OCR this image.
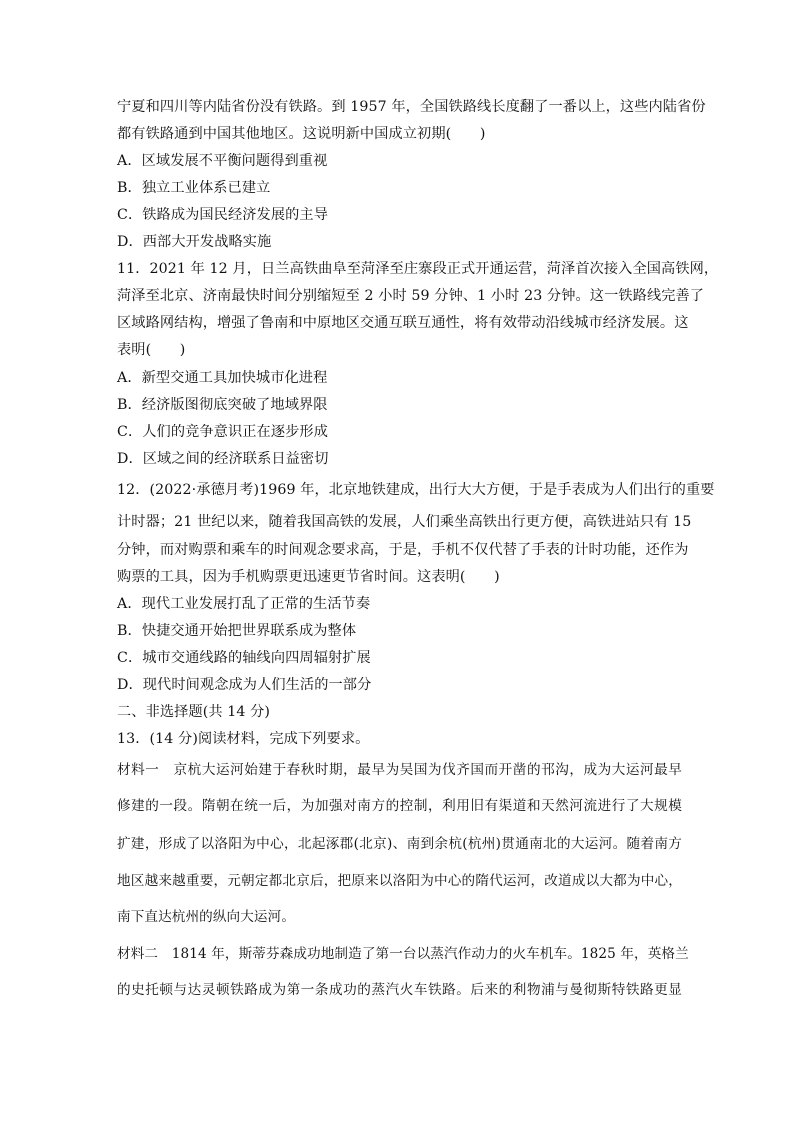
宁夏和四川等内陆省份没有铁路。到 1957 年，全国铁路线长度翻了一番以上，这些内陆省份
都有铁路通到中国其他地区。这说明新中国成立初期(　　)
A．区域发展不平衡问题得到重视
B．独立工业体系已建立
C．铁路成为国民经济发展的主导
D．西部大开发战略实施
11．2021 年 12 月，日兰高铁曲阜至菏泽至庄寨段正式开通运营，菏泽首次接入全国高铁网，
菏泽至北京、济南最快时间分别缩短至 2 小时 59 分钟、1 小时 23 分钟。这一铁路线完善了
区域路网结构，增强了鲁南和中原地区交通互联互通性，将有效带动沿线城市经济发展。这
表明(　　)
A．新型交通工具加快城市化进程
B．经济版图彻底突破了地域界限
C．人们的竞争意识正在逐步形成
D．区域之间的经济联系日益密切
12．(2022·承德月考)1969 年，北京地铁建成，出行大大方便，于是手表成为人们出行的重要
计时器；21 世纪以来，随着我国高铁的发展，人们乘坐高铁出行更方便，高铁进站只有 15
分钟，而对购票和乘车的时间观念要求高，于是，手机不仅代替了手表的计时功能，还作为
购票的工具，因为手机购票更迅速更节省时间。这表明(　　)
A．现代工业发展打乱了正常的生活节奏
B．快捷交通开始把世界联系成为整体
C．城市交通线路的轴线向四周辐射扩展
D．现代时间观念成为人们生活的一部分
二、非选择题(共 14 分)
13．(14 分)阅读材料，完成下列要求。
材料一　京杭大运河始建于春秋时期，最早为吴国为伐齐国而开凿的邗沟，成为大运河最早
修建的一段。隋朝在统一后，为加强对南方的控制，利用旧有渠道和天然河流进行了大规模
扩建，形成了以洛阳为中心，北起涿郡(北京)、南到余杭(杭州)贯通南北的大运河。随着南方
地区越来越重要，元朝定都北京后，把原来以洛阳为中心的隋代运河，改道成以大都为中心，
南下直达杭州的纵向大运河。
材料二　1814 年，斯蒂芬森成功地制造了第一台以蒸汽作动力的火车机车。1825 年，英格兰
的史托顿与达灵顿铁路成为第一条成功的蒸汽火车铁路。后来的利物浦与曼彻斯特铁路更显
